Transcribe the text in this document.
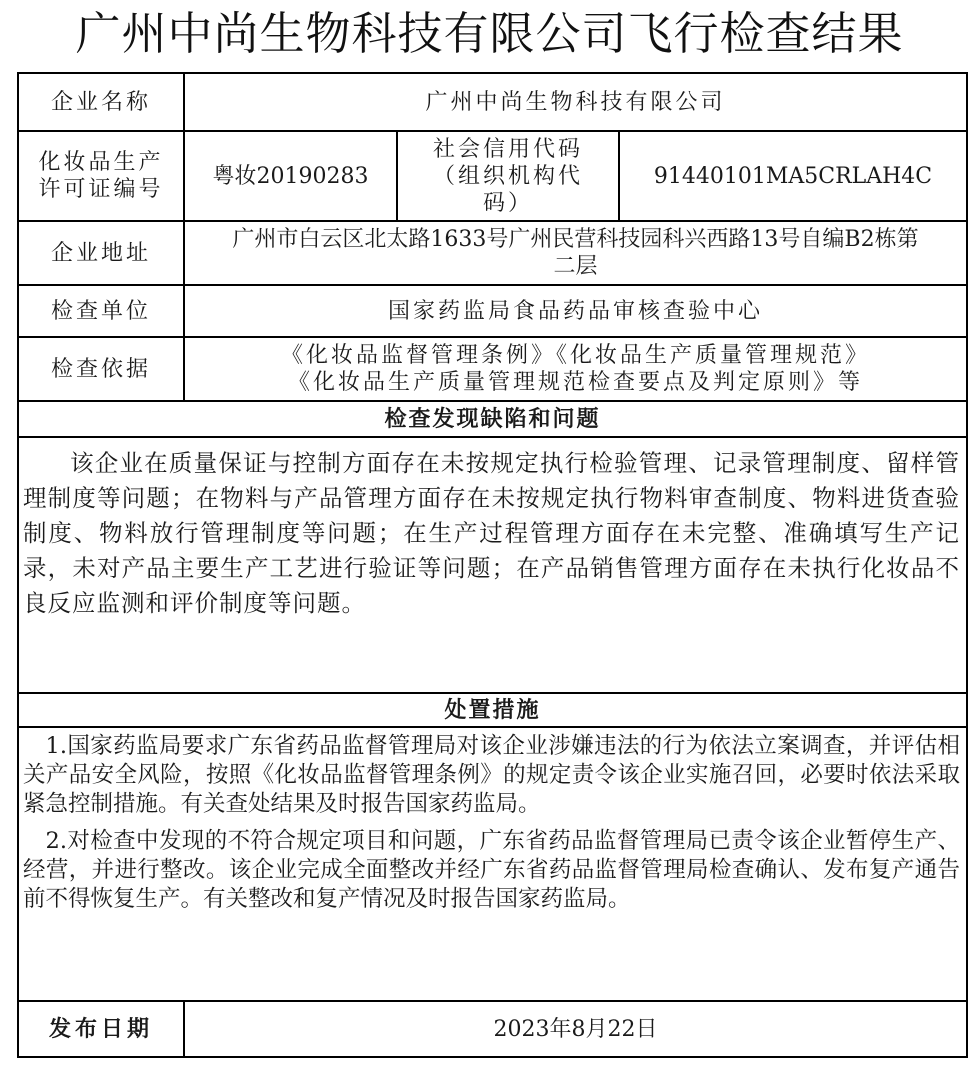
广州中尚生物科技有限公司飞行检查结果
企业名称	广州中尚生物科技有限公司		
化妆品生产许可证编号	粤妆20190283	社会信用代码（组织机构代码）	91440101MA5CRLAH4C
企业地址	广州市白云区北太路1633号广州民营科技园科兴西路13号自编B2栋第二层		
检查单位	国家药监局食品药品审核查验中心		
检查依据	《化妆品监督管理条例》《化妆品生产质量管理规范》
《化妆品生产质量管理规范检查要点及判定原则》等		

检查发现缺陷和问题			

该企业在质量保证与控制方面存在未按规定执行检验管理、记录管理制度、留样管理制度等问题；在物料与产品管理方面存在未按规定执行物料审查制度、物料进货查验制度、物料放行管理制度等问题；在生产过程管理方面存在未完整、准确填写生产记录，未对产品主要生产工艺进行验证等问题；在产品销售管理方面存在未执行化妆品不良反应监测和评价制度等问题。			

处置措施			

1.国家药监局要求广东省药品监督管理局对该企业涉嫌违法的行为依法立案调查，并评估相关产品安全风险，按照《化妆品监督管理条例》的规定责令该企业实施召回，必要时依法采取紧急控制措施。有关查处结果及时报告国家药监局。

2.对检查中发现的不符合规定项目和问题，广东省药品监督管理局已责令该企业暂停生产、经营，并进行整改。该企业完成全面整改并经广东省药品监督管理局检查确认、发布复产通告前不得恢复生产。有关整改和复产情况及时报告国家药监局。			

发布日期	2023年8月22日		
